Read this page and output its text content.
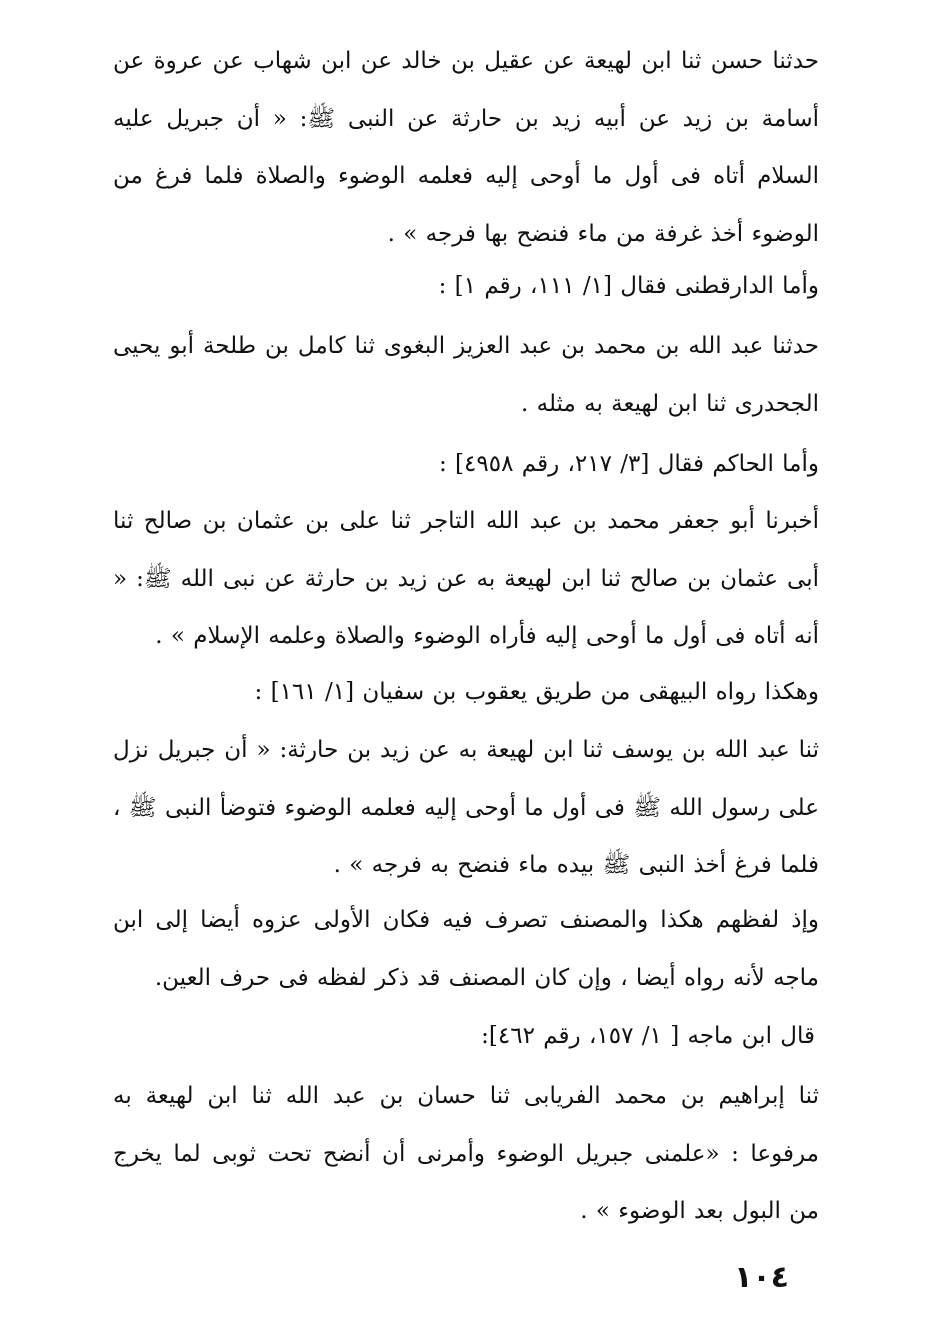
حدثنا حسن ثنا ابن لهيعة عن عقيل بن خالد عن ابن شهاب عن عروة عن أسامة بن زيد عن أبيه زيد بن حارثة عن النبى ﷺ: « أن جبريل عليه السلام أتاه فى أول ما أوحى إليه فعلمه الوضوء والصلاة فلما فرغ من الوضوء أخذ غرفة من ماء فنضح بها فرجه » .
وأما الدارقطنى فقال [١/ ١١١، رقم ١] :
حدثنا عبد الله بن محمد بن عبد العزيز البغوى ثنا كامل بن طلحة أبو يحيى الجحدرى ثنا ابن لهيعة به مثله .
وأما الحاكم فقال [٣/ ٢١٧، رقم ٤٩٥٨] :
أخبرنا أبو جعفر محمد بن عبد الله التاجر ثنا على بن عثمان بن صالح ثنا أبى عثمان بن صالح ثنا ابن لهيعة به عن زيد بن حارثة عن نبى الله ﷺ: « أنه أتاه فى أول ما أوحى إليه فأراه الوضوء والصلاة وعلمه الإسلام » .
وهكذا رواه البيهقى من طريق يعقوب بن سفيان [١/ ١٦١] :
ثنا عبد الله بن يوسف ثنا ابن لهيعة به عن زيد بن حارثة: « أن جبريل نزل على رسول الله ﷺ فى أول ما أوحى إليه فعلمه الوضوء فتوضأ النبى ﷺ ، فلما فرغ أخذ النبى ﷺ بيده ماء فنضح به فرجه » .
وإذ لفظهم هكذا والمصنف تصرف فيه فكان الأولى عزوه أيضا إلى ابن ماجه لأنه رواه أيضا ، وإن كان المصنف قد ذكر لفظه فى حرف العين.
قال ابن ماجه [ ١/ ١٥٧، رقم ٤٦٢]:
ثنا إبراهيم بن محمد الفريابى ثنا حسان بن عبد الله ثنا ابن لهيعة به مرفوعا : «علمنى جبريل الوضوء وأمرنى أن أنضح تحت ثوبى لما يخرج من البول بعد الوضوء » .
١٠٤
